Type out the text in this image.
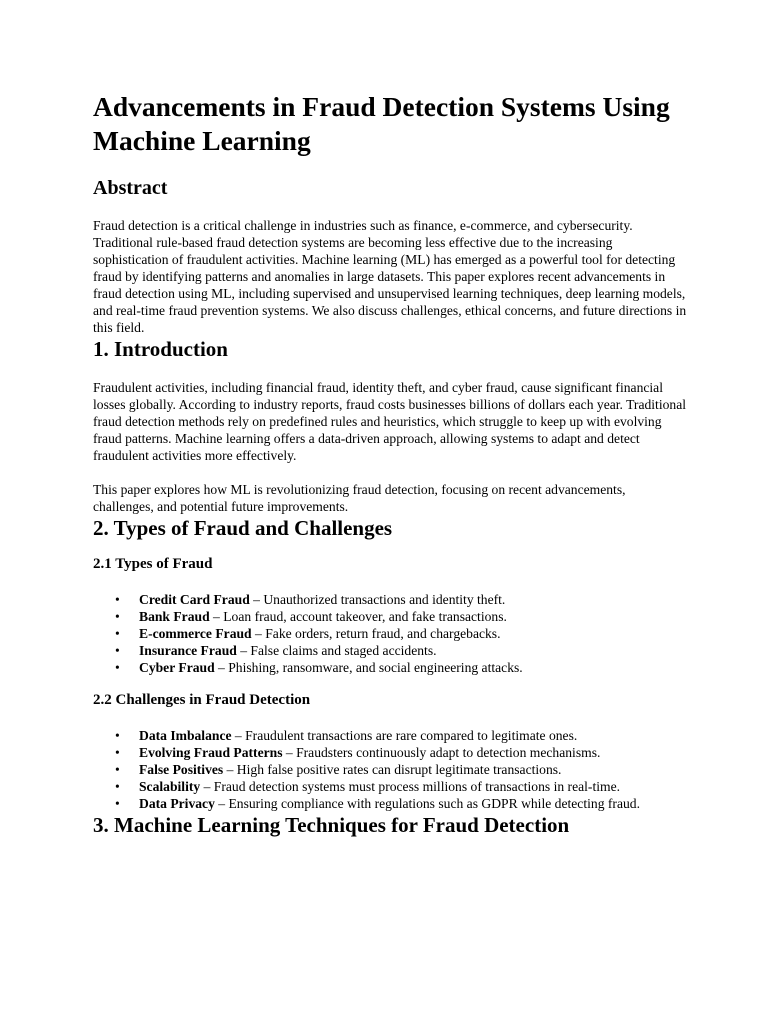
Advancements in Fraud Detection Systems Using Machine Learning
Abstract

Fraud detection is a critical challenge in industries such as finance, e-commerce, and cybersecurity. Traditional rule-based fraud detection systems are becoming less effective due to the increasing sophistication of fraudulent activities. Machine learning (ML) has emerged as a powerful tool for detecting fraud by identifying patterns and anomalies in large datasets. This paper explores recent advancements in fraud detection using ML, including supervised and unsupervised learning techniques, deep learning models, and real-time fraud prevention systems. We also discuss challenges, ethical concerns, and future directions in this field.

1. Introduction

Fraudulent activities, including financial fraud, identity theft, and cyber fraud, cause significant financial losses globally. According to industry reports, fraud costs businesses billions of dollars each year. Traditional fraud detection methods rely on predefined rules and heuristics, which struggle to keep up with evolving fraud patterns. Machine learning offers a data-driven approach, allowing systems to adapt and detect fraudulent activities more effectively.

This paper explores how ML is revolutionizing fraud detection, focusing on recent advancements, challenges, and potential future improvements.

2. Types of Fraud and Challenges
2.1 Types of Fraud
• Credit Card Fraud – Unauthorized transactions and identity theft.
• Bank Fraud – Loan fraud, account takeover, and fake transactions.
• E-commerce Fraud – Fake orders, return fraud, and chargebacks.
• Insurance Fraud – False claims and staged accidents.
• Cyber Fraud – Phishing, ransomware, and social engineering attacks.
2.2 Challenges in Fraud Detection
• Data Imbalance – Fraudulent transactions are rare compared to legitimate ones.
• Evolving Fraud Patterns – Fraudsters continuously adapt to detection mechanisms.
• False Positives – High false positive rates can disrupt legitimate transactions.
• Scalability – Fraud detection systems must process millions of transactions in real-time.
• Data Privacy – Ensuring compliance with regulations such as GDPR while detecting fraud.
3. Machine Learning Techniques for Fraud Detection
